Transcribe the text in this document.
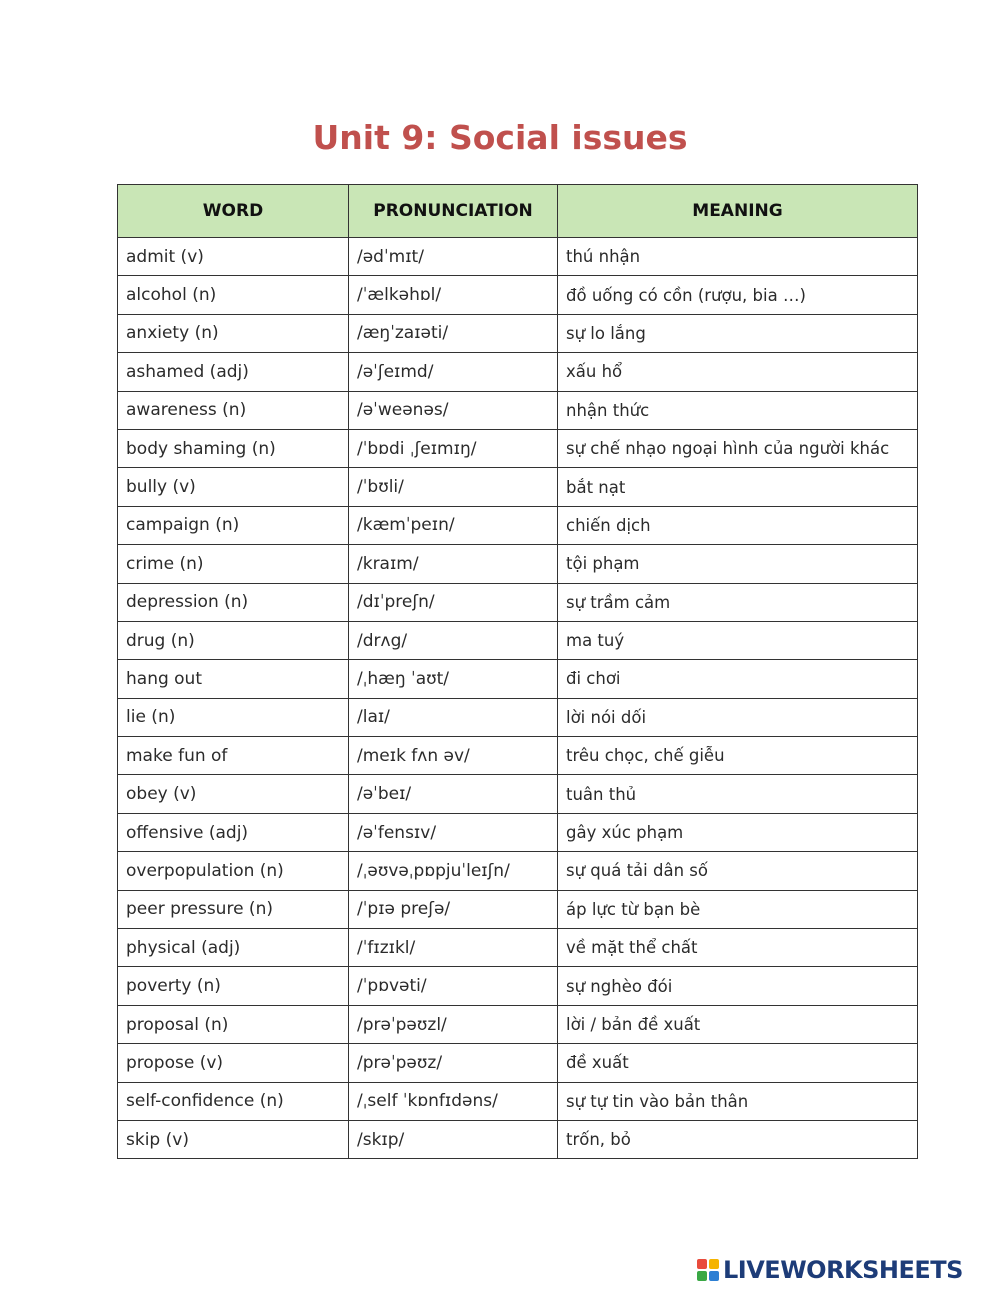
Unit 9: Social issues
WORD	PRONUNCIATION	MEANING
admit (v)	/ədˈmɪt/	thú nhận
alcohol (n)	/ˈælkəhɒl/	đồ uống có cồn (rượu, bia …)
anxiety (n)	/æŋˈzaɪəti/	sự lo lắng
ashamed (adj)	/əˈʃeɪmd/	xấu hổ
awareness (n)	/əˈweənəs/	nhận thức
body shaming (n)	/ˈbɒdi ˌʃeɪmɪŋ/	sự chế nhạo ngoại hình của người khác
bully (v)	/ˈbʊli/	bắt nạt
campaign (n)	/kæmˈpeɪn/	chiến dịch
crime (n)	/kraɪm/	tội phạm
depression (n)	/dɪˈpreʃn/	sự trầm cảm
drug (n)	/drʌg/	ma tuý
hang out	/ˌhæŋ ˈaʊt/	đi chơi
lie (n)	/laɪ/	lời nói dối
make fun of	/meɪk fʌn əv/	trêu chọc, chế giễu
obey (v)	/əˈbeɪ/	tuân thủ
offensive (adj)	/əˈfensɪv/	gây xúc phạm
overpopulation (n)	/ˌəʊvəˌpɒpjuˈleɪʃn/	sự quá tải dân số
peer pressure (n)	/ˈpɪə preʃə/	áp lực từ bạn bè
physical (adj)	/ˈfɪzɪkl/	về mặt thể chất
poverty (n)	/ˈpɒvəti/	sự nghèo đói
proposal (n)	/prəˈpəʊzl/	lời / bản đề xuất
propose (v)	/prəˈpəʊz/	đề xuất
self-confidence (n)	/ˌself ˈkɒnfɪdəns/	sự tự tin vào bản thân
skip (v)	/skɪp/	trốn, bỏ
LIVEWORKSHEETS
